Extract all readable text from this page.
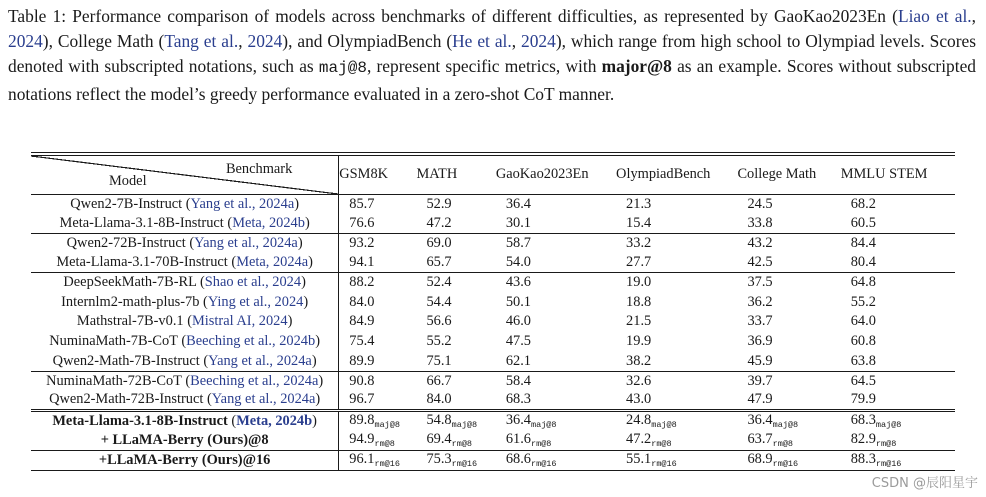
Table 1: Performance comparison of models across benchmarks of different difficulties, as represented by GaoKao2023En (Liao et al., 2024), College Math (Tang et al., 2024), and OlympiadBench (He et al., 2024), which range from high school to Olympiad levels. Scores denoted with subscripted notations, such as maj@8, represent specific metrics, with major@8 as an example. Scores without subscripted notations reflect the model’s greedy performance evaluated in a zero-shot CoT manner.
Benchmark
Model	GSM8K	MATH	GaoKao2023En	OlympiadBench	College Math	MMLU STEM
Qwen2-7B-Instruct (Yang et al., 2024a)	85.7	52.9	36.4	21.3	24.5	68.2
Meta-Llama-3.1-8B-Instruct (Meta, 2024b)	76.6	47.2	30.1	15.4	33.8	60.5
Qwen2-72B-Instruct (Yang et al., 2024a)	93.2	69.0	58.7	33.2	43.2	84.4
Meta-Llama-3.1-70B-Instruct (Meta, 2024a)	94.1	65.7	54.0	27.7	42.5	80.4
DeepSeekMath-7B-RL (Shao et al., 2024)	88.2	52.4	43.6	19.0	37.5	64.8
Internlm2-math-plus-7b (Ying et al., 2024)	84.0	54.4	50.1	18.8	36.2	55.2
Mathstral-7B-v0.1 (Mistral AI, 2024)	84.9	56.6	46.0	21.5	33.7	64.0
NuminaMath-7B-CoT (Beeching et al., 2024b)	75.4	55.2	47.5	19.9	36.9	60.8
Qwen2-Math-7B-Instruct (Yang et al., 2024a)	89.9	75.1	62.1	38.2	45.9	63.8
NuminaMath-72B-CoT (Beeching et al., 2024a)	90.8	66.7	58.4	32.6	39.7	64.5
Qwen2-Math-72B-Instruct (Yang et al., 2024a)	96.7	84.0	68.3	43.0	47.9	79.9
Meta-Llama-3.1-8B-Instruct (Meta, 2024b)	$89.8_{maj@8}$	$54.8_{maj@8}$	$36.4_{maj@8}$	$24.8_{maj@8}$	$36.4_{maj@8}$	$68.3_{maj@8}$
+ LLaMA-Berry (Ours)@8	$94.9_{rm@8}$	$69.4_{rm@8}$	$61.6_{rm@8}$	$47.2_{rm@8}$	$63.7_{rm@8}$	$82.9_{rm@8}$
+LLaMA-Berry (Ours)@16	$96.1_{rm@16}$	$75.3_{rm@16}$	$68.6_{rm@16}$	$55.1_{rm@16}$	$68.9_{rm@16}$	$88.3_{rm@16}$
CSDN @辰阳星宇
